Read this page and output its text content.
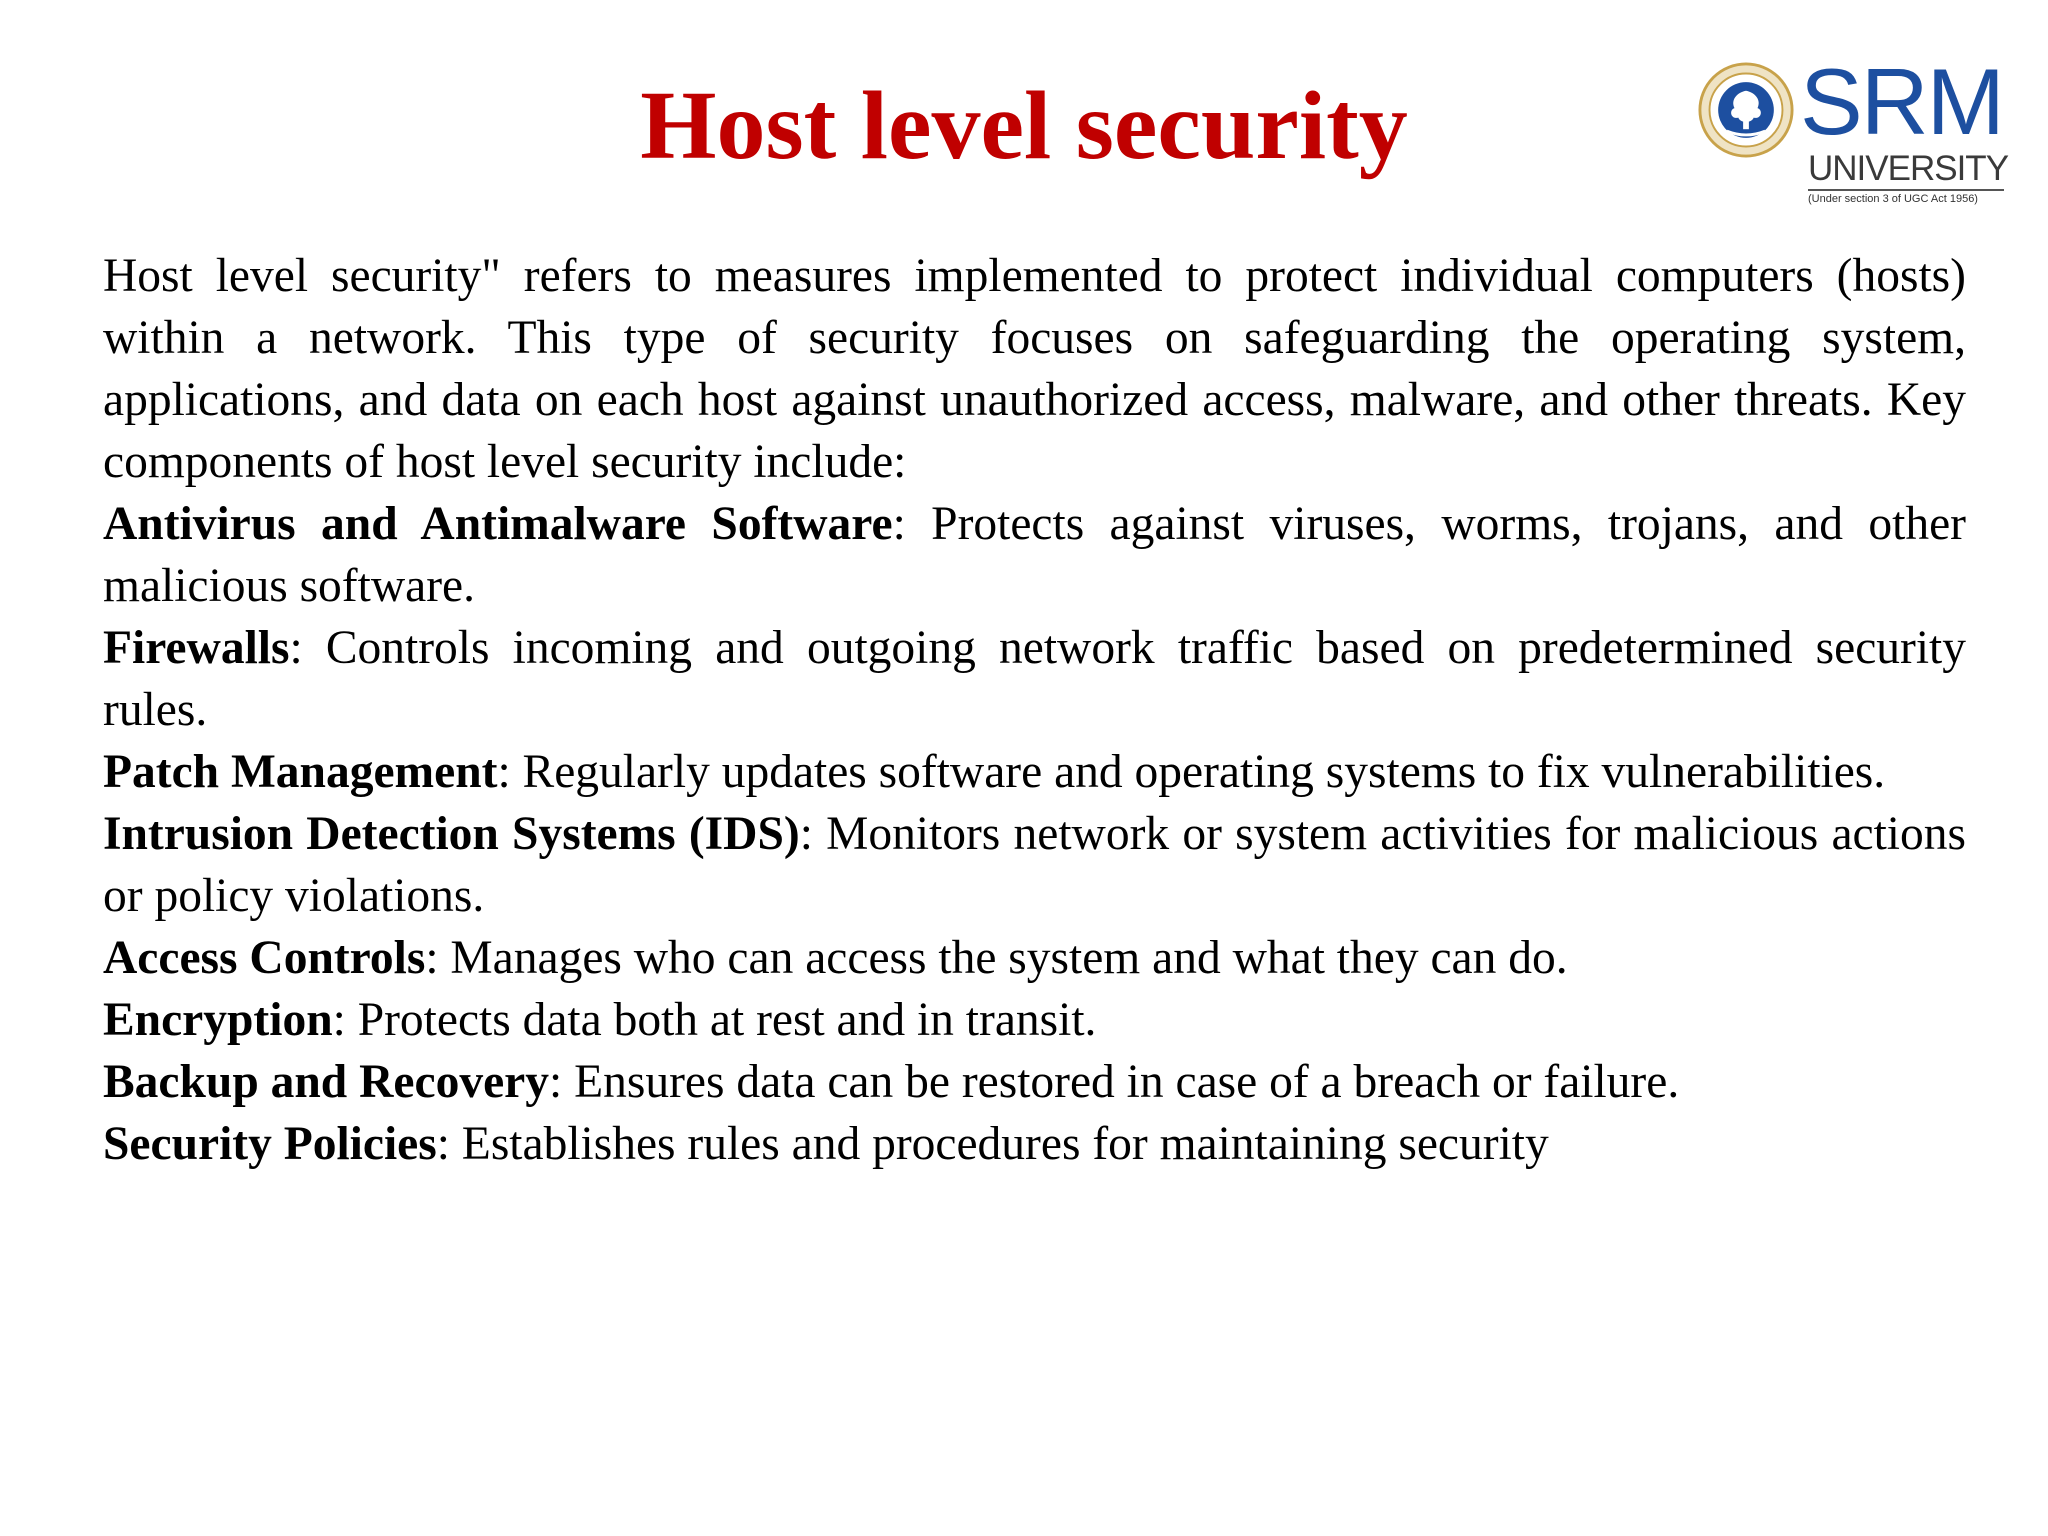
Host level security	SRM
UNIVERSITY
(Under section 3 of UGC Act 1956)

Host level security" refers to measures implemented to protect individual computers (hosts) within a network. This type of security focuses on safeguarding the operating system, applications, and data on each host against unauthorized access, malware, and other threats. Key components of host level security include:

Antivirus and Antimalware Software: Protects against viruses, worms, trojans, and other malicious software.

Firewalls: Controls incoming and outgoing network traffic based on predetermined security rules.

Patch Management: Regularly updates software and operating systems to fix vulnerabilities.

Intrusion Detection Systems (IDS): Monitors network or system activities for malicious actions or policy violations.

Access Controls: Manages who can access the system and what they can do.

Encryption: Protects data both at rest and in transit.

Backup and Recovery: Ensures data can be restored in case of a breach or failure.

Security Policies: Establishes rules and procedures for maintaining security
